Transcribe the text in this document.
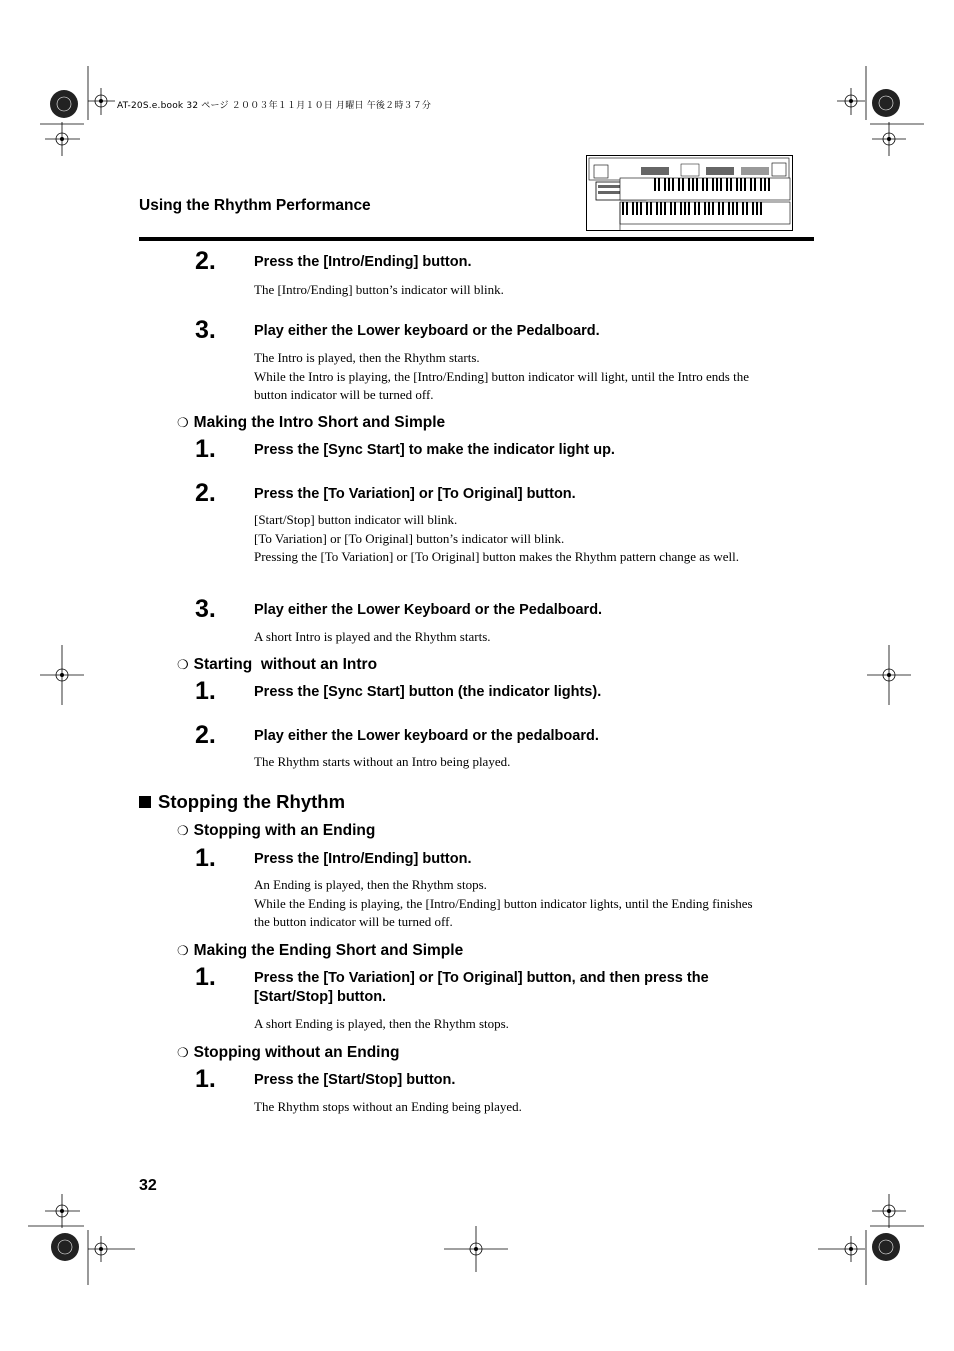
AT-20S.e.book 32 ページ ２００３年１１月１０日 月曜日 午後２時３７分
Using the Rhythm Performance
2.	Press the [Intro/Ending] button.
The [Intro/Ending] button’s indicator will blink.
3.	Play either the Lower keyboard or the Pedalboard.
The Intro is played, then the Rhythm starts.
While the Intro is playing, the [Intro/Ending] button indicator will light, until the Intro ends the button indicator will be turned off.
❍ Making the Intro Short and Simple
1.	Press the [Sync Start] to make the indicator light up.
2.	Press the [To Variation] or [To Original] button.
[Start/Stop] button indicator will blink.
[To Variation] or [To Original] button’s indicator will blink.
Pressing the [To Variation] or [To Original] button makes the Rhythm pattern change as well.
3.	Play either the Lower Keyboard or the Pedalboard.
A short Intro is played and the Rhythm starts.
❍ Starting  without an Intro
1.	Press the [Sync Start] button (the indicator lights).
2.	Play either the Lower keyboard or the pedalboard.
The Rhythm starts without an Intro being played.
Stopping the Rhythm
❍ Stopping with an Ending
1.	Press the [Intro/Ending] button.
An Ending is played, then the Rhythm stops.
While the Ending is playing, the [Intro/Ending] button indicator lights, until the Ending finishes the button indicator will be turned off.
❍ Making the Ending Short and Simple
1.	Press the [To Variation] or [To Original] button, and then press the [Start/Stop] button.
A short Ending is played, then the Rhythm stops.
❍ Stopping without an Ending
1.	Press the [Start/Stop] button.
The Rhythm stops without an Ending being played.
32
